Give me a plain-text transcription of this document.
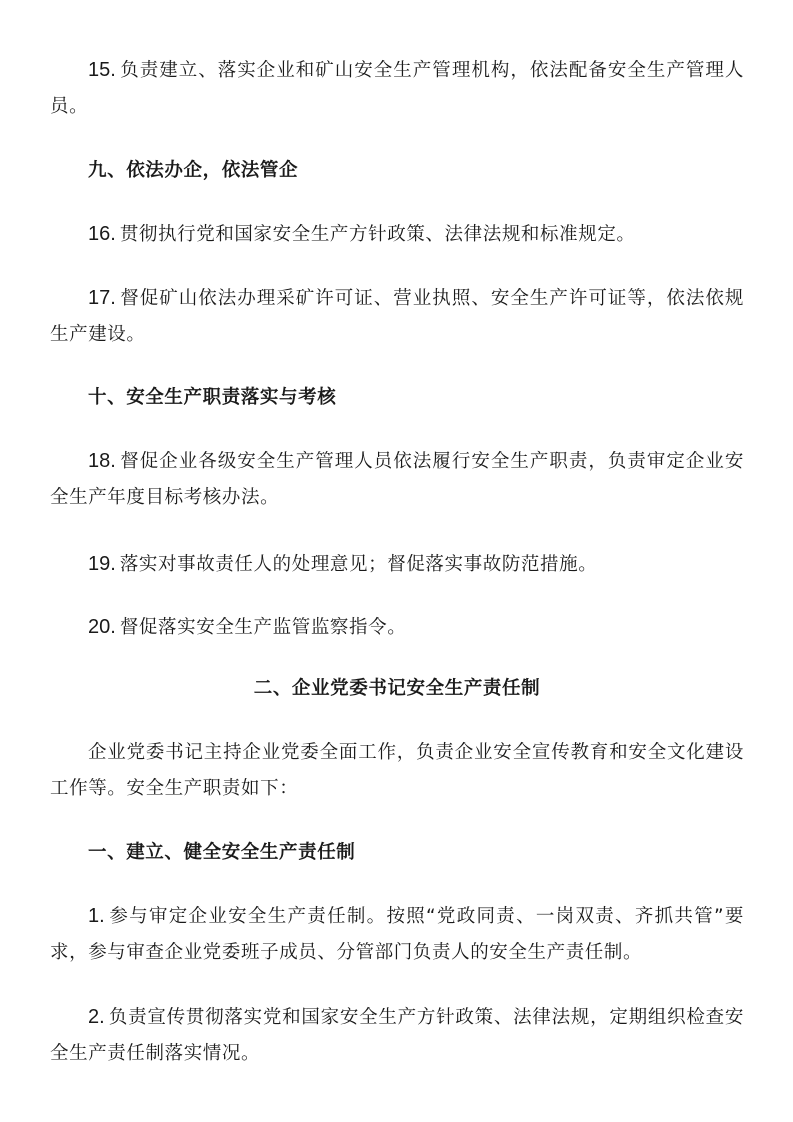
15. 负责建立、落实企业和矿山安全生产管理机构，依法配备安全生产管理人员。

九、依法办企，依法管企

16. 贯彻执行党和国家安全生产方针政策、法律法规和标准规定。

17. 督促矿山依法办理采矿许可证、营业执照、安全生产许可证等，依法依规生产建设。

十、安全生产职责落实与考核

18. 督促企业各级安全生产管理人员依法履行安全生产职责，负责审定企业安全生产年度目标考核办法。

19. 落实对事故责任人的处理意见；督促落实事故防范措施。

20. 督促落实安全生产监管监察指令。

二、企业党委书记安全生产责任制

企业党委书记主持企业党委全面工作，负责企业安全宣传教育和安全文化建设工作等。安全生产职责如下：

一、建立、健全安全生产责任制

1. 参与审定企业安全生产责任制。按照“党政同责、一岗双责、齐抓共管”要求，参与审查企业党委班子成员、分管部门负责人的安全生产责任制。

2. 负责宣传贯彻落实党和国家安全生产方针政策、法律法规，定期组织检查安全生产责任制落实情况。
